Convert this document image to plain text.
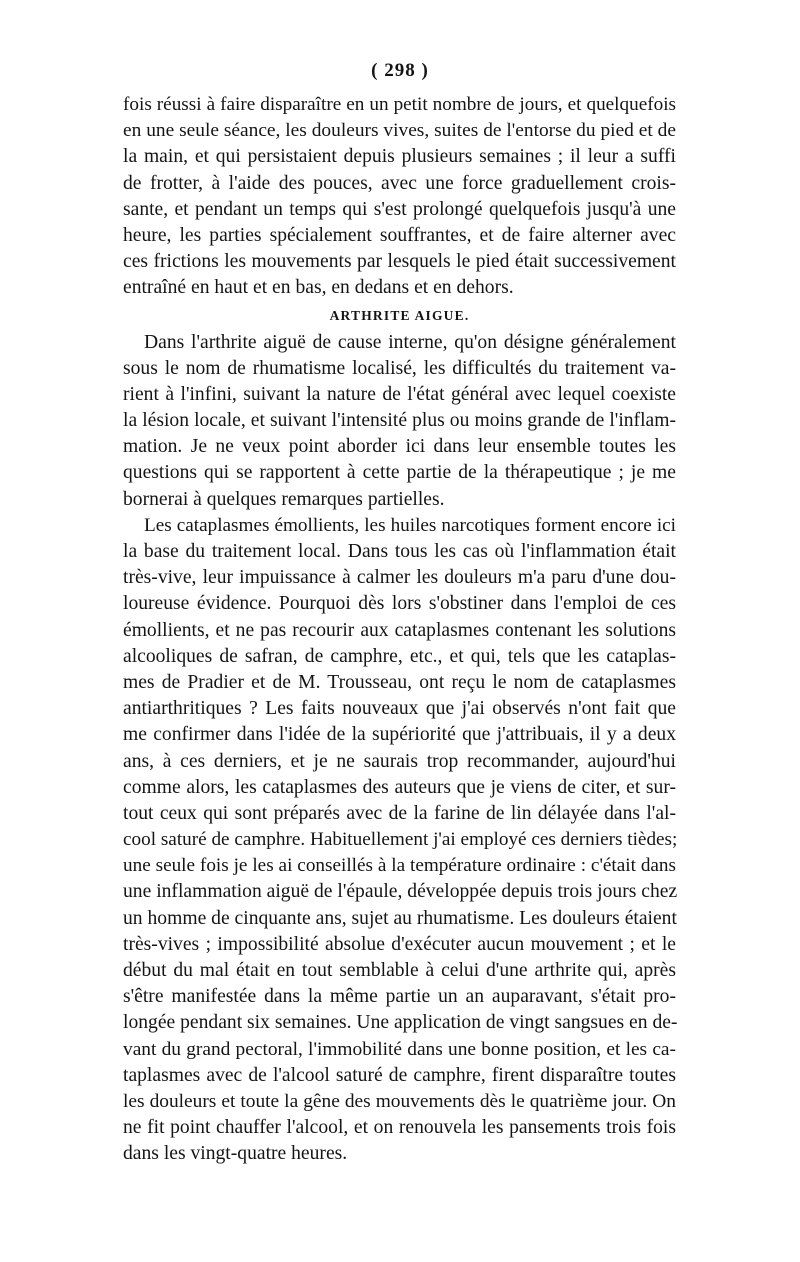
( 298 )
fois réussi à faire disparaître en un petit nombre de jours, et quelquefois
en une seule séance, les douleurs vives, suites de l'entorse du pied et de
la main, et qui persistaient depuis plusieurs semaines ; il leur a suffi
de frotter, à l'aide des pouces, avec une force graduellement crois-
sante, et pendant un temps qui s'est prolongé quelquefois jusqu'à une
heure, les parties spécialement souffrantes, et de faire alterner avec
ces frictions les mouvements par lesquels le pied était successivement
entraîné en haut et en bas, en dedans et en dehors.
ARTHRITE AIGUE.
Dans l'arthrite aiguë de cause interne, qu'on désigne généralement
sous le nom de rhumatisme localisé, les difficultés du traitement va-
rient à l'infini, suivant la nature de l'état général avec lequel coexiste
la lésion locale, et suivant l'intensité plus ou moins grande de l'inflam-
mation. Je ne veux point aborder ici dans leur ensemble toutes les
questions qui se rapportent à cette partie de la thérapeutique ; je me
bornerai à quelques remarques partielles.
Les cataplasmes émollients, les huiles narcotiques forment encore ici
la base du traitement local. Dans tous les cas où l'inflammation était
très-vive, leur impuissance à calmer les douleurs m'a paru d'une dou-
loureuse évidence. Pourquoi dès lors s'obstiner dans l'emploi de ces
émollients, et ne pas recourir aux cataplasmes contenant les solutions
alcooliques de safran, de camphre, etc., et qui, tels que les cataplas-
mes de Pradier et de M. Trousseau, ont reçu le nom de cataplasmes
antiarthritiques ? Les faits nouveaux que j'ai observés n'ont fait que
me confirmer dans l'idée de la supériorité que j'attribuais, il y a deux
ans, à ces derniers, et je ne saurais trop recommander, aujourd'hui
comme alors, les cataplasmes des auteurs que je viens de citer, et sur-
tout ceux qui sont préparés avec de la farine de lin délayée dans l'al-
cool saturé de camphre. Habituellement j'ai employé ces derniers tièdes;
une seule fois je les ai conseillés à la température ordinaire : c'était dans
une inflammation aiguë de l'épaule, développée depuis trois jours chez
un homme de cinquante ans, sujet au rhumatisme. Les douleurs étaient
très-vives ; impossibilité absolue d'exécuter aucun mouvement ; et le
début du mal était en tout semblable à celui d'une arthrite qui, après
s'être manifestée dans la même partie un an auparavant, s'était pro-
longée pendant six semaines. Une application de vingt sangsues en de-
vant du grand pectoral, l'immobilité dans une bonne position, et les ca-
taplasmes avec de l'alcool saturé de camphre, firent disparaître toutes
les douleurs et toute la gêne des mouvements dès le quatrième jour. On
ne fit point chauffer l'alcool, et on renouvela les pansements trois fois
dans les vingt-quatre heures.
